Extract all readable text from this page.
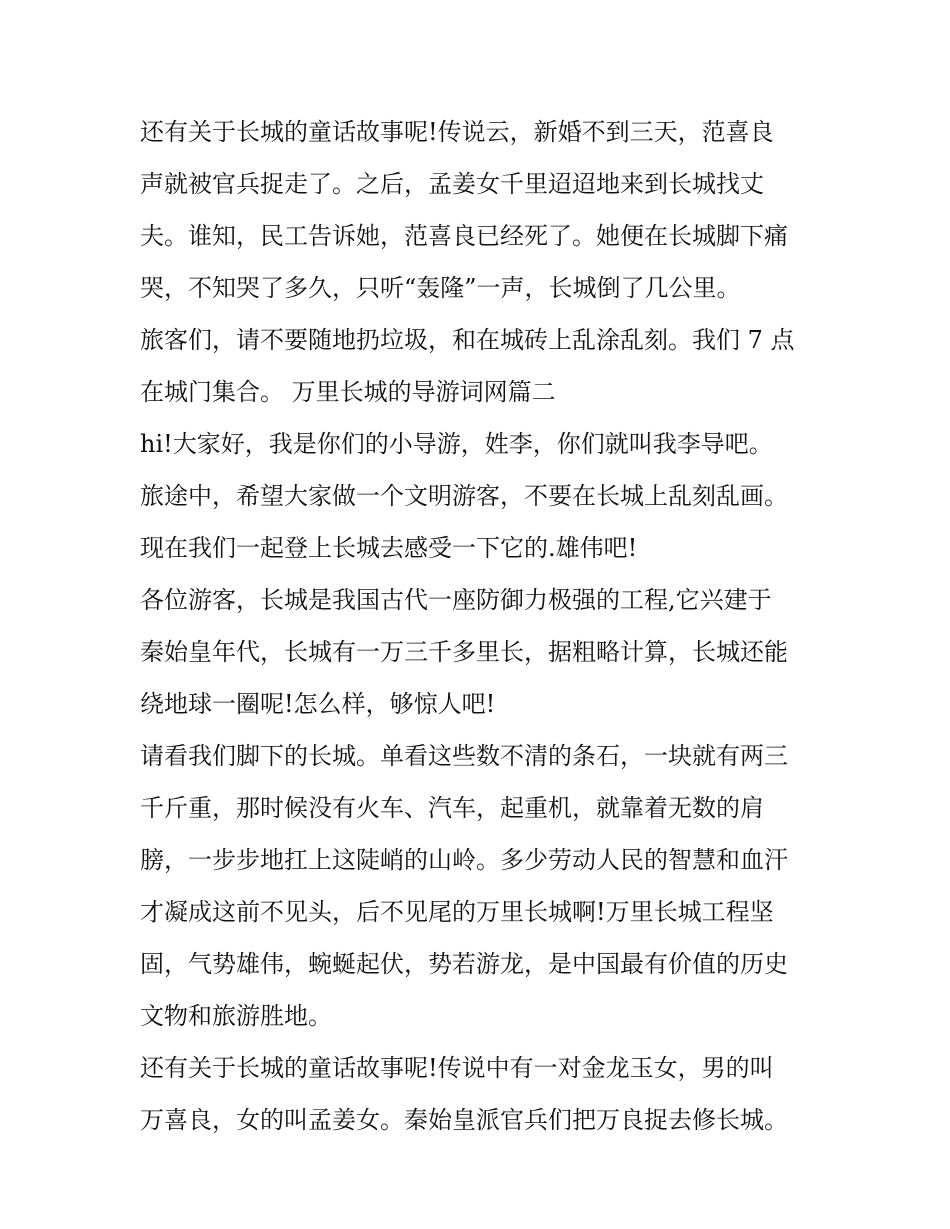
还有关于长城的童话故事呢!传说云，新婚不到三天，范喜良

声就被官兵捉走了。之后，孟姜女千里迢迢地来到长城找丈

夫。谁知，民工告诉她，范喜良已经死了。她便在长城脚下痛

哭，不知哭了多久，只听“轰隆”一声，长城倒了几公里。

旅客们，请不要随地扔垃圾，和在城砖上乱涂乱刻。我们 7 点

在城门集合。 万里长城的导游词网篇二

hi!大家好，我是你们的小导游，姓李，你们就叫我李导吧。

旅途中，希望大家做一个文明游客，不要在长城上乱刻乱画。

现在我们一起登上长城去感受一下它的.雄伟吧!

各位游客，长城是我国古代一座防御力极强的工程,它兴建于

秦始皇年代，长城有一万三千多里长，据粗略计算，长城还能

绕地球一圈呢!怎么样，够惊人吧!

请看我们脚下的长城。单看这些数不清的条石，一块就有两三

千斤重，那时候没有火车、汽车，起重机，就靠着无数的肩

膀，一步步地扛上这陡峭的山岭。多少劳动人民的智慧和血汗

才凝成这前不见头，后不见尾的万里长城啊!万里长城工程坚

固，气势雄伟，蜿蜒起伏，势若游龙，是中国最有价值的历史

文物和旅游胜地。

还有关于长城的童话故事呢!传说中有一对金龙玉女，男的叫

万喜良，女的叫孟姜女。秦始皇派官兵们把万良捉去修长城。
